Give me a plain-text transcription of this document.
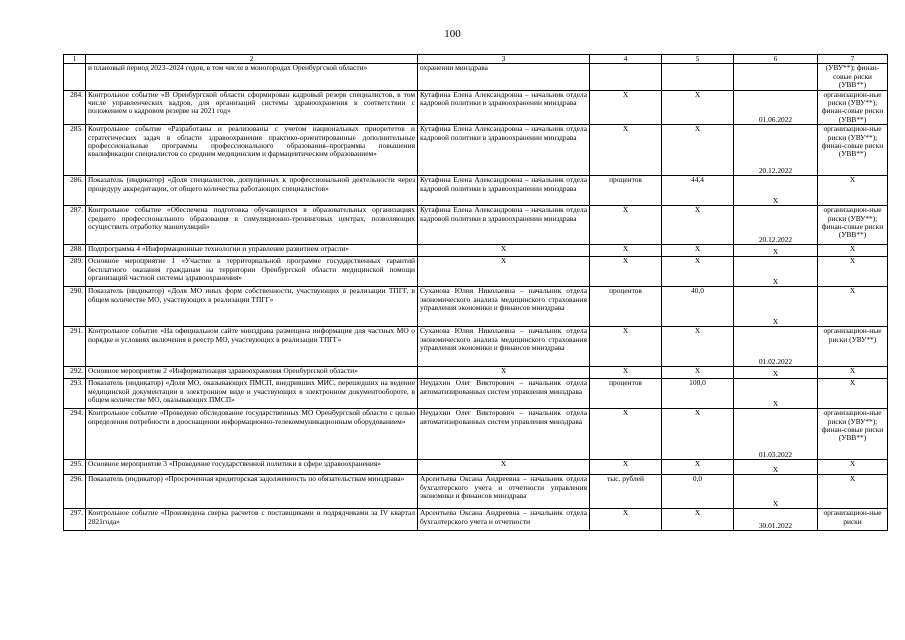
100
1	2	3	4	5	6	7
	и плановый период 2023–2024 годов, в том числе в моногородах Оренбургской области»	охранении минздрава				(УВУ**); финан-сoвые риски (УВВ**)
284.	Контрольное событие «В Оренбургской области сформирован кадровый резерв специалистов, в том числе управленческих кадров, для организаций системы здравоохранения в соответствии с положением о кадровом резерве на 2021 год»	Кутафина Елена Александровна – начальник отдела кадровой политики в здравоохранении минздрава	Х	Х	01.06.2022	организацион-ные риски (УВУ**); финан-совые риски (УВВ**)
285.	Контрольное событие «Разработаны и реализованы с учетом национальных приоритетов и стратегических задач в области здравоохранения практико-ориентированные дополнительные профессиональные программы профессионального образования–программы повышения квалификации специалистов со средним медицинским и фармацевтическим образованием»	Кутафина Елена Александровна – начальник отдела кадровой политики в здравоохранении минздрава	Х	Х	20.12.2022	организацион-ные риски (УВУ**); финан-совые риски (УВВ**)
286.	Показатель (индикатор) «Доля специалистов, допущенных к профессиональной деятельности через процедуру аккредитации, от общего количества работающих специалистов»	Кутафина Елена Александровна – начальник отдела кадровой политики в здравоохранении минздрава	процентов	44,4	Х	Х
287.	Контрольное событие «Обеспечена подготовка обучающихся в образовательных организациях среднего профессионального образования в симуляционно-тренинговых центрах, позволяющих осуществить отработку манипуляций»	Кутафина Елена Александровна – начальник отдела кадровой политики в здравоохранении минздрава	Х	Х	20.12.2022	организацион-ные риски (УВУ**); финан-совые риски (УВВ**)
288.	Подпрограмма 4 «Информационные технологии и управление развитием отрасли»	Х	Х	Х	Х	Х
289.	Основное мероприятие 1 «Участие в территориальной программе государственных гарантий бесплатного оказания гражданам на территории Оренбургской области медицинской помощи организаций частной системы здравоохранения»	Х	Х	Х	Х	Х
290.	Показатель (индикатор) «Доля МО иных форм собственности, участвующих в реализации ТПГГ, в общем количестве МО, участвующих в реализации ТПГГ»	Суханова Юлия Николаевна – начальник отдела экономического анализа медицинского страхования управления экономики и финансов минздрава	процентов	40,0	Х	Х
291.	Контрольное событие «На официальном сайте минздрава размещена информация для частных МО о порядке и условиях включения в реестр МО, участвующих в реализации ТПГГ»	Суханова Юлия Николаевна – начальник отдела экономического анализа медицинского страхования управления экономики и финансов минздрава	Х	Х	01.02.2022	организацион-ные риски (УВУ**)
292.	Основное мероприятие 2 «Информатизация здравоохранения Оренбургской области»	Х	Х	Х	Х	Х
293.	Показатель (индикатор) «Доля МО, оказывающих ПМСП, внедривших МИС, перешедших на ведение медицинской документации в электронном виде и участвующих в электронном документообороте, в общем количестве МО, оказывающих ПМСП»	Неудахин Олег Викторович – начальник отдела автоматизированных систем управления минздрава	процентов	100,0	Х	Х
294.	Контрольное событие «Проведено обследование государственных МО Оренбургской области с целью определения потребности в дооснащении информационно-телекоммуникационным оборудованием»	Неудахин Олег Викторович – начальник отдела автоматизированных систем управления минздрава	Х	Х	01.03.2022	организацион-ные риски (УВУ**); финан-совые риски (УВВ**)
295.	Основное мероприятие 3 «Проведение государственной политики в сфере здравоохранения»	Х	Х	Х	Х	Х
296.	Показатель (индикатор) «Просроченная кредиторская задолженность по обязательствам минздрава»	Арсентьева Оксана Андреевна – начальник отдела бухгалтерского учета и отчетности управления экономики и финансов минздрава	тыс. рублей	0,0	Х	Х
297.	Контрольное событие «Произведена сверка расчетов с поставщиками и подрядчиками за IV квартал 2021года»	Арсентьева Оксана Андреевна – начальник отдела бухгалтерского учета и отчетности	Х	Х	30.01.2022	организацион-ные риски
